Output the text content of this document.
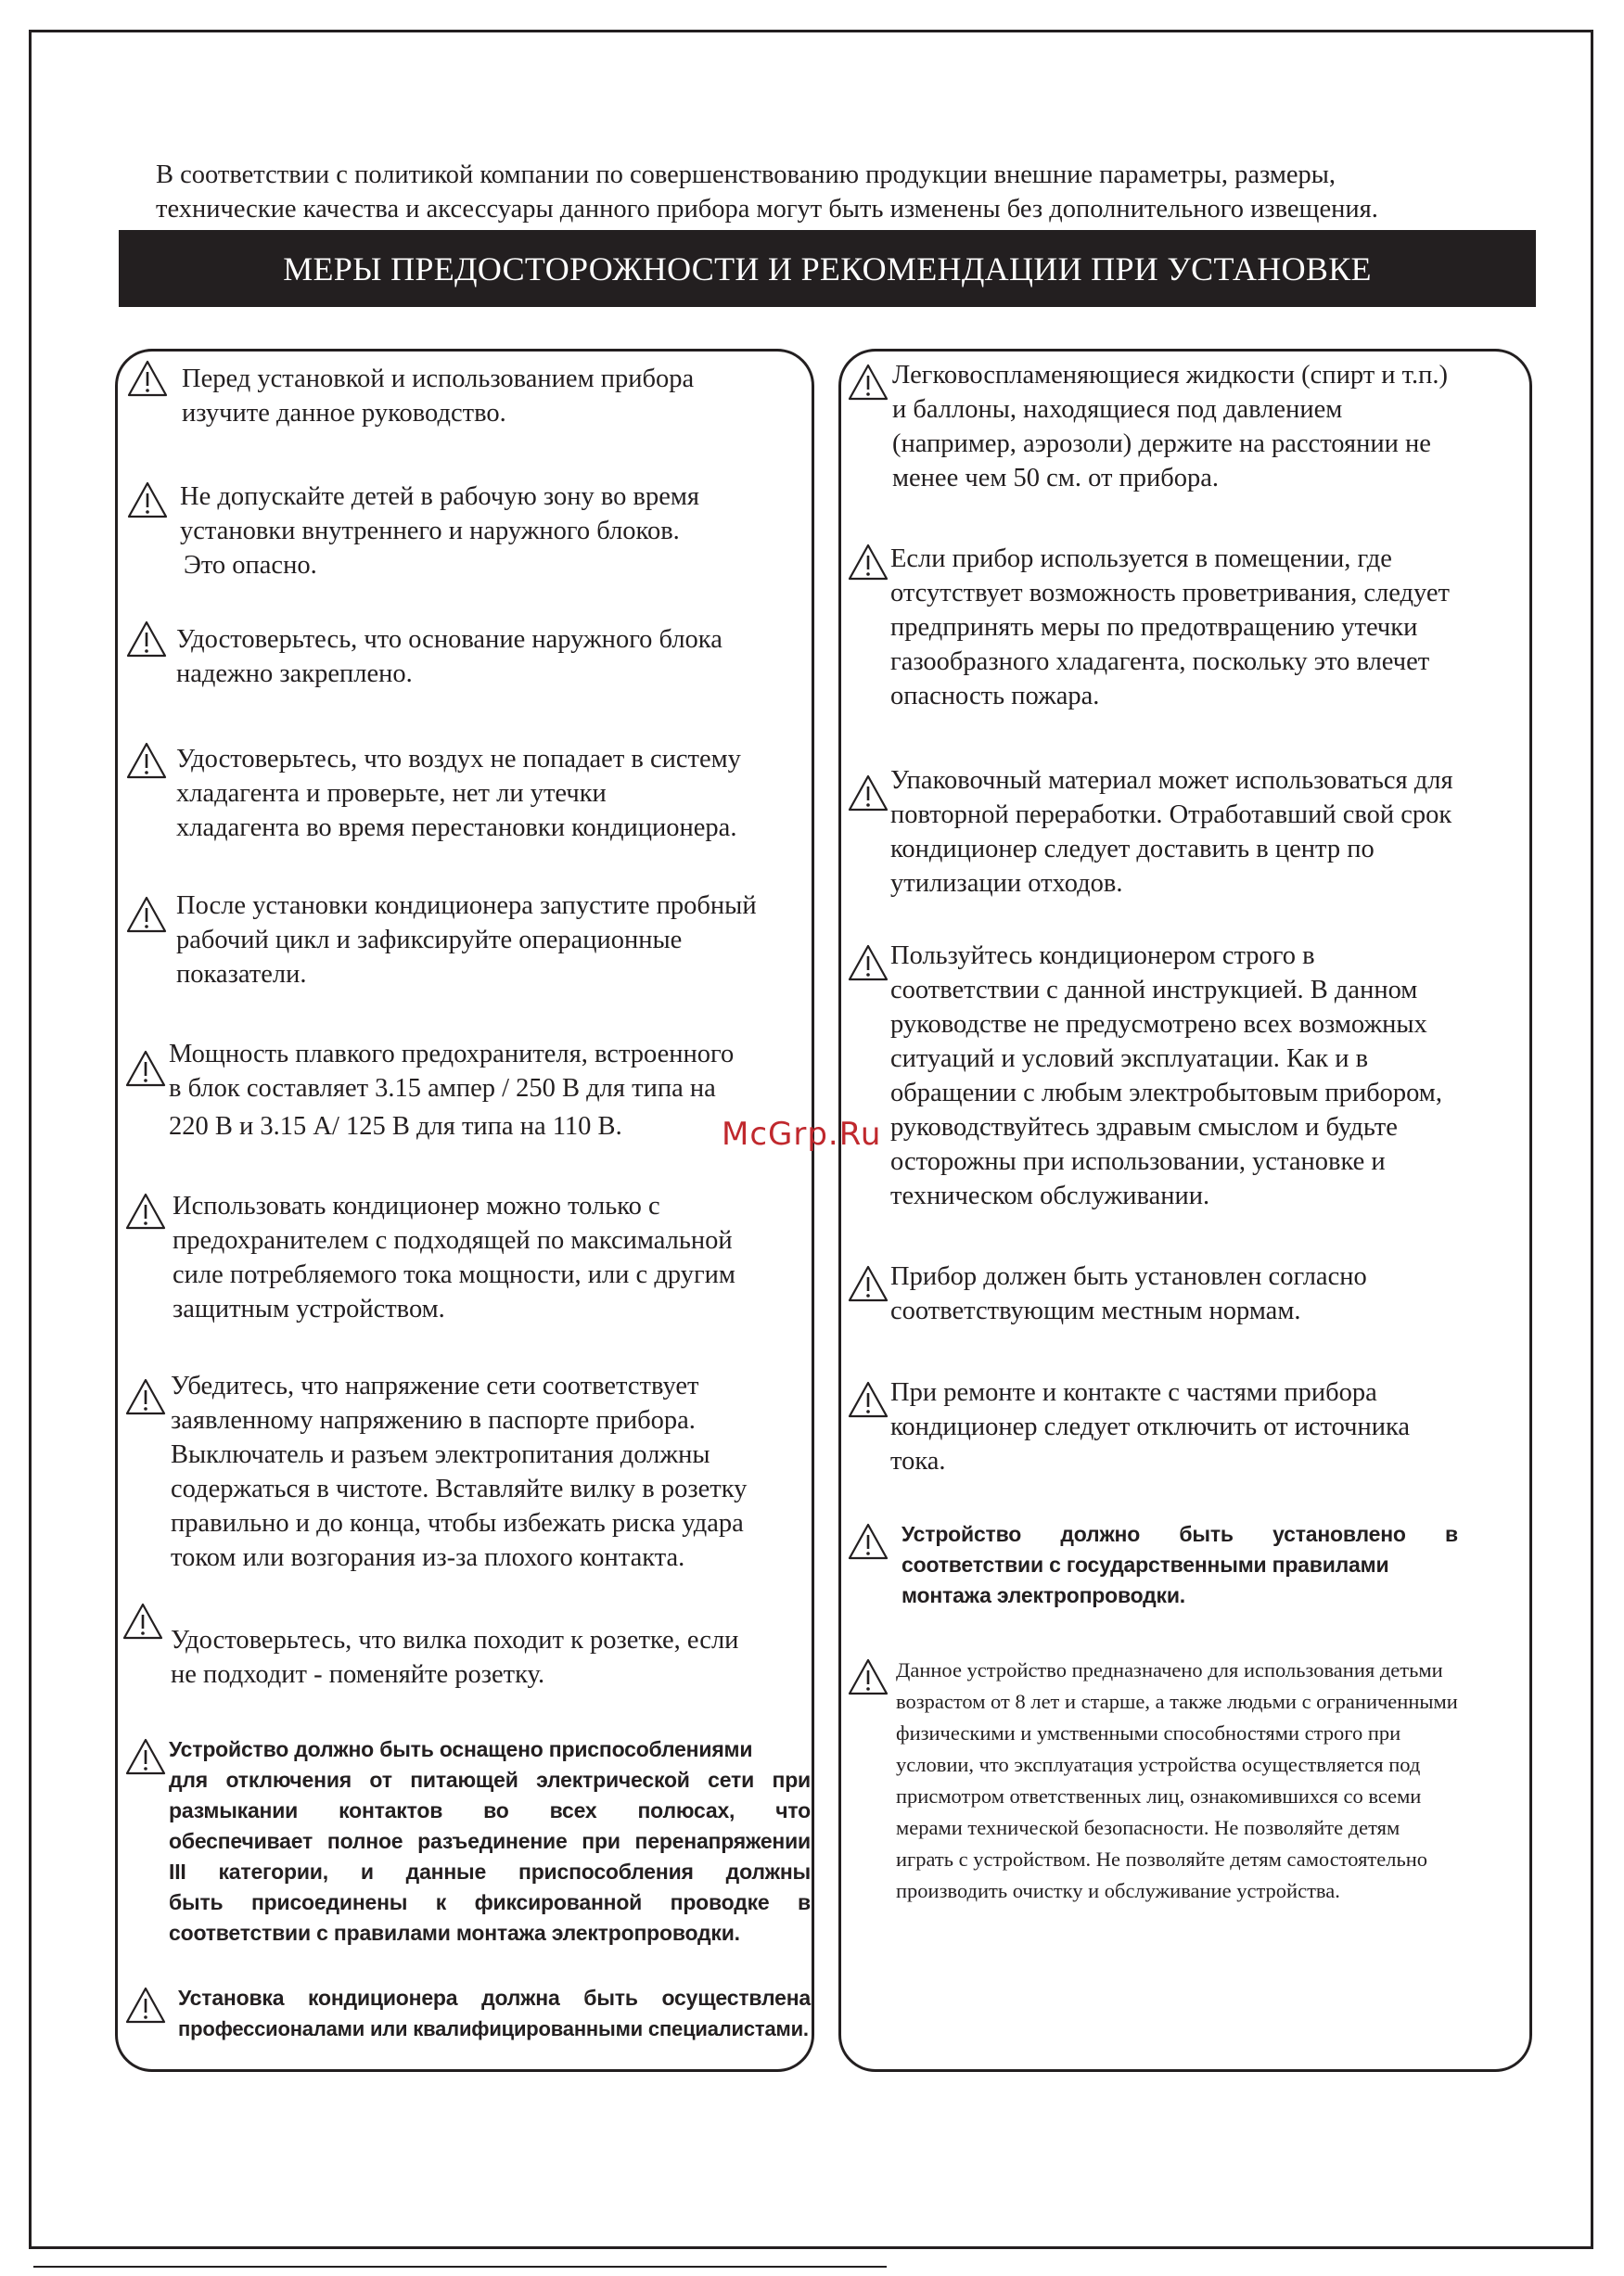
В соответствии с политикой компании по совершенствованию продукции внешние параметры, размеры,
технические качества и аксессуары данного прибора могут быть изменены без дополнительного извещения.
МЕРЫ ПРЕДОСТОРОЖНОСТИ И РЕКОМЕНДАЦИИ ПРИ УСТАНОВКЕ
McGrp.Ru
Перед установкой и использованием прибора
изучите данное руководство.
Не допускайте детей в рабочую зону во время
установки внутреннего и наружного блоков.
Это опасно.
Удостоверьтесь, что основание наружного блока
надежно закреплено.
Удостоверьтесь, что воздух не попадает в систему
хладагента и проверьте, нет ли утечки
хладагента во время перестановки кондиционера.
После установки кондиционера запустите пробный
рабочий цикл и зафиксируйте операционные
показатели.
Мощность плавкого предохранителя, встроенного
в блок составляет 3.15 ампер / 250 В для типа на
220 В и 3.15 А/ 125 В для типа на 110 В.
Использовать кондиционер можно только с
предохранителем с подходящей по максимальной
силе потребляемого тока мощности, или с другим
защитным устройством.
Убедитесь, что напряжение сети соответствует
заявленному напряжению в паспорте прибора.
Выключатель и разъем электропитания должны
содержаться в чистоте. Вставляйте вилку в розетку
правильно и до конца, чтобы избежать риска удара
током или возгорания из-за плохого контакта.
Удостоверьтесь, что вилка походит к розетке, если
не подходит - поменяйте розетку.
Устройство должно быть оснащено приспособлениями
для отключения от питающей электрической сети при
размыкании контактов во всех полюсах, что
обеспечивает полное разъединение при перенапряжении
III категории, и данные приспособления должны
быть присоединены к фиксированной проводке в
соответствии с правилами монтажа электропроводки.
Установка кондиционера должна быть осуществлена
профессионалами или квалифицированными специалистами.
Легковоспламеняющиеся жидкости (спирт и т.п.)
и баллоны, находящиеся под давлением
(например, аэрозоли) держите на расстоянии не
менее чем 50 см. от прибора.
Если прибор используется в помещении, где
отсутствует возможность проветривания, следует
предпринять меры по предотвращению утечки
газообразного хладагента, поскольку это влечет
опасность пожара.
Упаковочный материал может использоваться для
повторной переработки. Отработавший свой срок
кондиционер следует доставить в центр по
утилизации отходов.
Пользуйтесь кондиционером строго в
соответствии с данной инструкцией. В данном
руководстве не предусмотрено всех возможных
ситуаций и условий эксплуатации. Как и в
обращении с любым электробытовым прибором,
руководствуйтесь здравым смыслом и будьте
осторожны при использовании, установке и
техническом обслуживании.
Прибор должен быть установлен согласно
соответствующим местным нормам.
При ремонте и контакте с частями прибора
кондиционер следует отключить от источника
тока.
Устройство должно быть установлено в
соответствии с государственными правилами
монтажа электропроводки.
Данное устройство предназначено для использования детьми
возрастом от 8 лет и старше, а также людьми с ограниченными
физическими и умственными способностями строго при
условии, что эксплуатация устройства осуществляется под
присмотром ответственных лиц, ознакомившихся со всеми
мерами технической безопасности. Не позволяйте детям
играть с устройством. Не позволяйте детям самостоятельно
производить очистку и обслуживание устройства.
